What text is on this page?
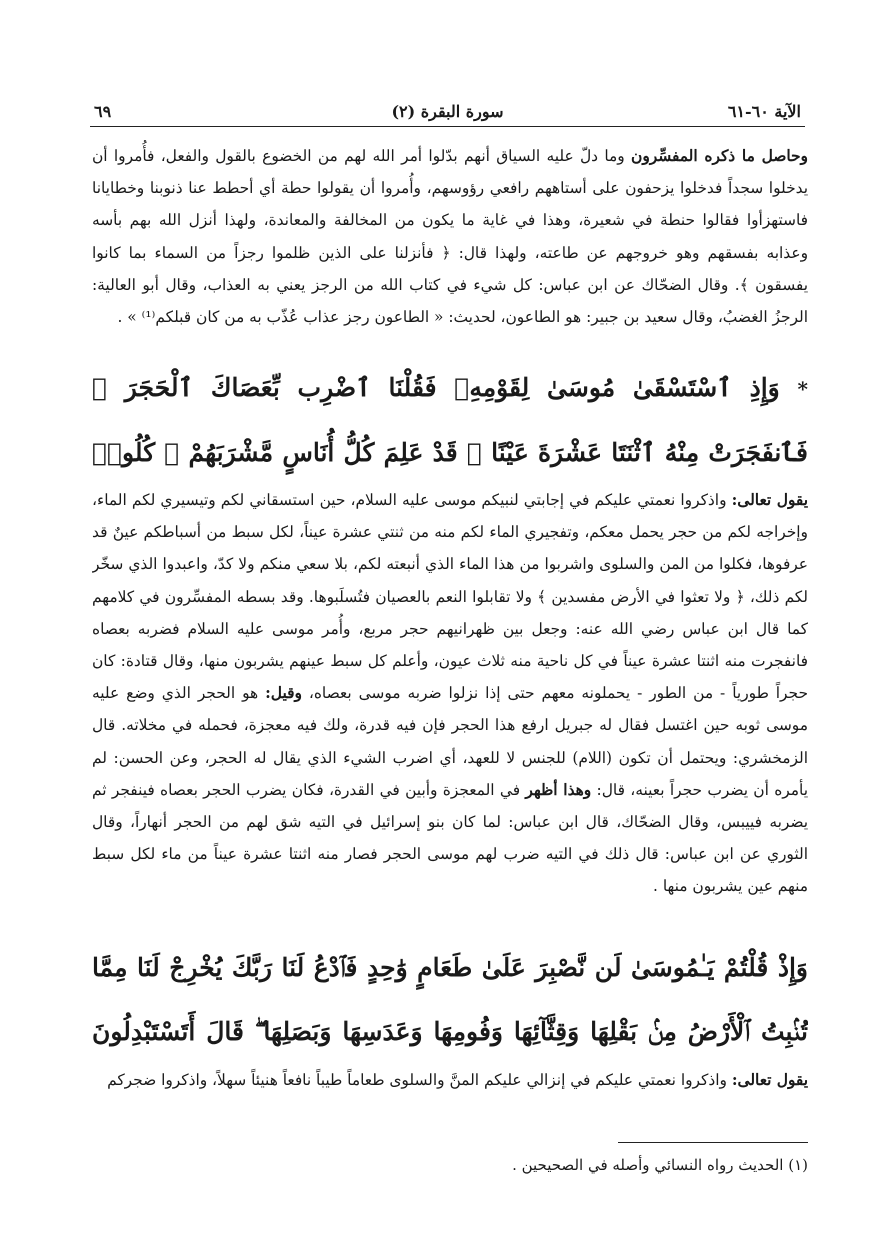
٦٩	(٢) سورة البقرة	الآية ٦٠-٦١

وحاصل ما ذكره المفسِّرون وما دلّ عليه السياق أنهم بدّلوا أمر الله لهم من الخضوع بالقول والفعل، فأُمروا أن يدخلوا سجداً فدخلوا يزحفون على أستاههم رافعي رؤوسهم، وأُمروا أن يقولوا حطة أي أحطط عنا ذنوبنا وخطايانا فاستهزأوا فقالوا حنطة في شعيرة، وهذا في غاية ما يكون من المخالفة والمعاندة، ولهذا أنزل الله بهم بأسه وعذابه بفسقهم وهو خروجهم عن طاعته، ولهذا قال: ﴿ فأنزلنا على الذين ظلموا رجزاً من السماء بما كانوا يفسقون ﴾. وقال الضحّاك عن ابن عباس: كل شيء في كتاب الله من الرجز يعني به العذاب، وقال أبو العالية: الرجزُ الغضبُ، وقال سعيد بن جبير: هو الطاعون، لحديث: « الطاعون رجز عذاب عُذّب به من كان قبلكم⁽¹⁾ » .

* وَإِذِ ٱسْتَسْقَىٰ مُوسَىٰ لِقَوْمِهِۦ فَقُلْنَا ٱضْرِب بِّعَصَاكَ ٱلْحَجَرَ ۖ فَٱنفَجَرَتْ مِنْهُ ٱثْنَتَا عَشْرَةَ عَيْنًا ۖ قَدْ عَلِمَ كُلُّ أُنَاسٍ مَّشْرَبَهُمْ ۖ كُلُوا۟

يقول تعالى: واذكروا نعمتي عليكم في إجابتي لنبيكم موسى عليه السلام، حين استسقاني لكم وتيسيري لكم الماء، وإخراجه لكم من حجر يحمل معكم، وتفجيري الماء لكم منه من ثنتي عشرة عيناً، لكل سبط من أسباطكم عينٌ قد عرفوها، فكلوا من المن والسلوى واشربوا من هذا الماء الذي أنبعته لكم، بلا سعي منكم ولا كدّ، واعبدوا الذي سخّر لكم ذلك، ﴿ ولا تعثوا في الأرض مفسدين ﴾ ولا تقابلوا النعم بالعصيان فتُسلَبوها. وقد بسطه المفسِّرون في كلامهم كما قال ابن عباس رضي الله عنه: وجعل بين ظهرانيهم حجر مربع، وأُمر موسى عليه السلام فضربه بعصاه فانفجرت منه اثنتا عشرة عيناً في كل ناحية منه ثلاث عيون، وأعلم كل سبط عينهم يشربون منها، وقال قتادة: كان حجراً طورياً - من الطور - يحملونه معهم حتى إذا نزلوا ضربه موسى بعصاه، وقيل: هو الحجر الذي وضع عليه موسى ثوبه حين اغتسل فقال له جبريل ارفع هذا الحجر فإن فيه قدرة، ولك فيه معجزة، فحمله في مخلاته. قال الزمخشري: ويحتمل أن تكون (اللام) للجنس لا للعهد، أي اضرب الشيء الذي يقال له الحجر، وعن الحسن: لم يأمره أن يضرب حجراً بعينه، قال: وهذا أظهر في المعجزة وأبين في القدرة، فكان يضرب الحجر بعصاه فينفجر ثم يضربه فييبس، وقال الضحّاك، قال ابن عباس: لما كان بنو إسرائيل في التيه شق لهم من الحجر أنهاراً، وقال الثوري عن ابن عباس: قال ذلك في التيه ضرب لهم موسى الحجر فصار منه اثنتا عشرة عيناً من ماء لكل سبط منهم عين يشربون منها .

وَإِذْ قُلْتُمْ يَـٰمُوسَىٰ لَن نَّصْبِرَ عَلَىٰ طَعَامٍ وَٰحِدٍ فَٱدْعُ لَنَا رَبَّكَ يُخْرِجْ لَنَا مِمَّا تُنۢبِتُ ٱلْأَرْضُ مِنۢ بَقْلِهَا وَقِثَّآئِهَا وَفُومِهَا وَعَدَسِهَا وَبَصَلِهَا ۖ قَالَ أَتَسْتَبْدِلُونَ

يقول تعالى: واذكروا نعمتي عليكم في إنزالي عليكم المنَّ والسلوى طعاماً طيباً نافعاً هنيئاً سهلاً، واذكروا ضجركم

(١) الحديث رواه النسائي وأصله في الصحيحين .
